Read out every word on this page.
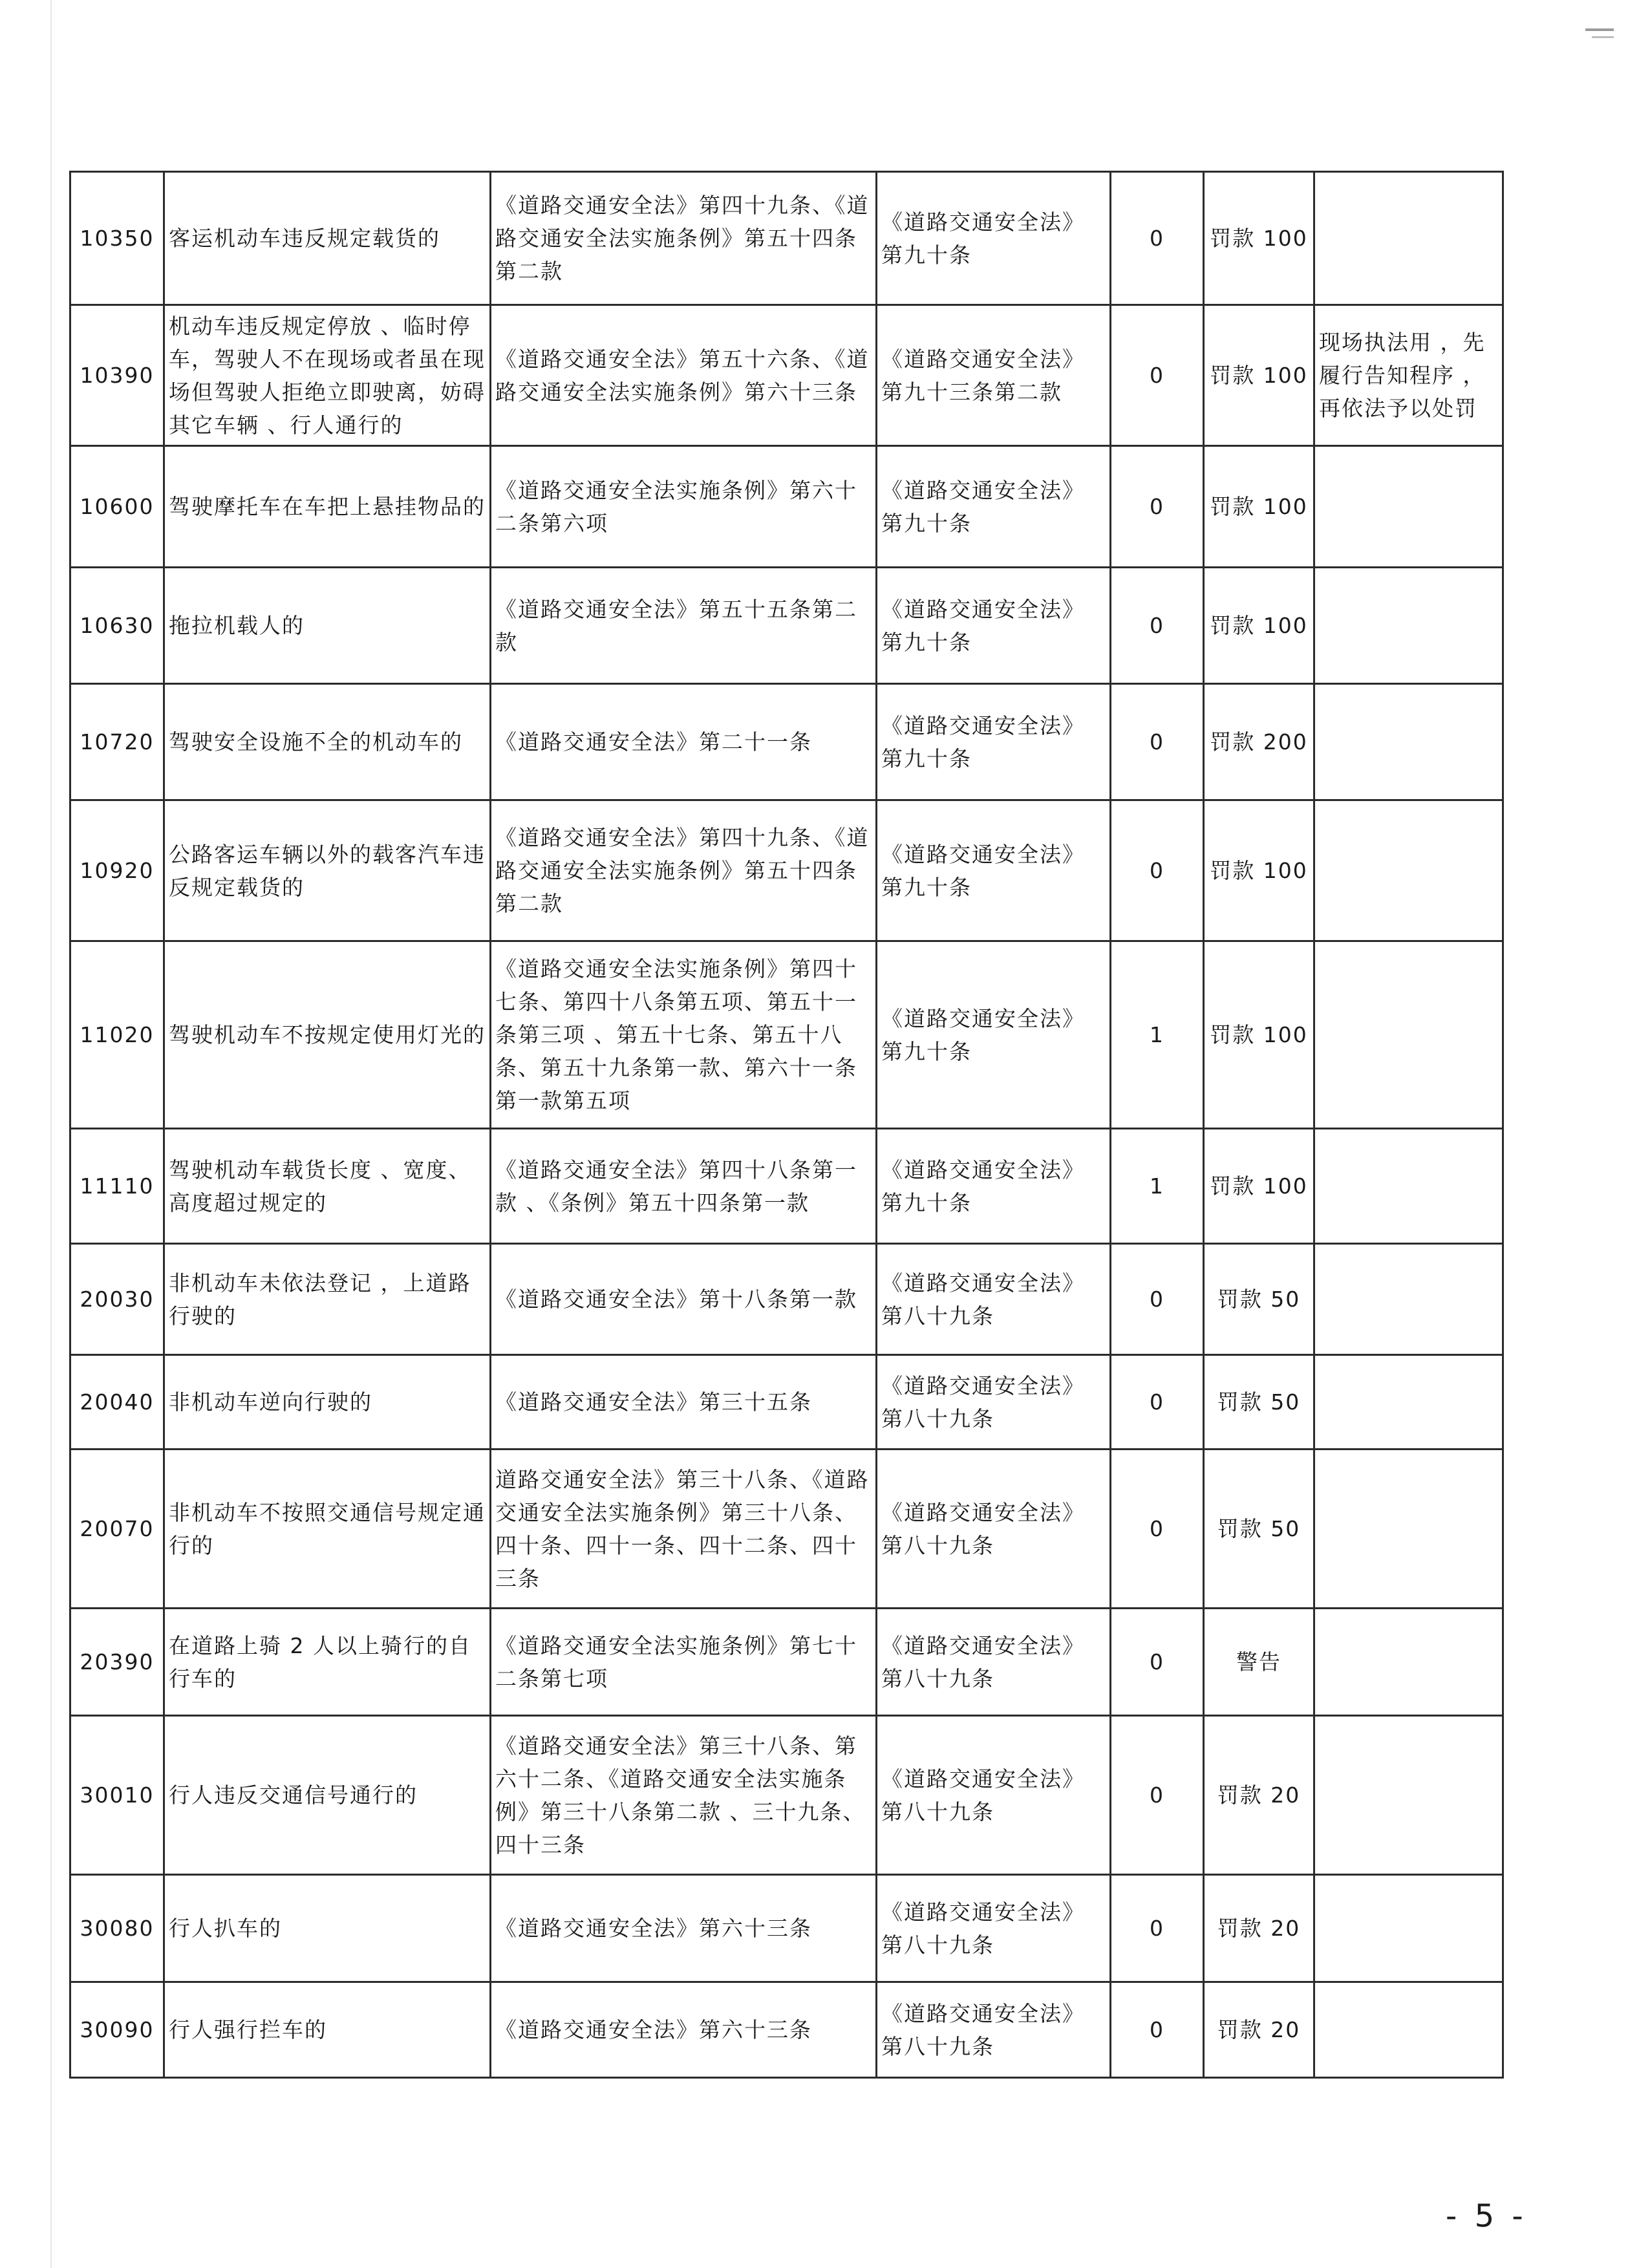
10350	客运机动车违反规定载货的	《道路交通安全法》第四十九条、《道路交通安全法实施条例》第五十四条第二款	《道路交通安全法》第九十条	0	罚款 100	
10390	机动车违反规定停放 、临时停车，驾驶人不在现场或者虽在现场但驾驶人拒绝立即驶离，妨碍其它车辆 、行人通行的	《道路交通安全法》第五十六条、《道路交通安全法实施条例》第六十三条	《道路交通安全法》第九十三条第二款	0	罚款 100	现场执法用 ，先履行告知程序 ，再依法予以处罚
10600	驾驶摩托车在车把上悬挂物品的	《道路交通安全法实施条例》第六十二条第六项	《道路交通安全法》第九十条	0	罚款 100	
10630	拖拉机载人的	《道路交通安全法》第五十五条第二款	《道路交通安全法》第九十条	0	罚款 100	
10720	驾驶安全设施不全的机动车的	《道路交通安全法》第二十一条	《道路交通安全法》第九十条	0	罚款 200	
10920	公路客运车辆以外的载客汽车违反规定载货的	《道路交通安全法》第四十九条、《道路交通安全法实施条例》第五十四条第二款	《道路交通安全法》第九十条	0	罚款 100	
11020	驾驶机动车不按规定使用灯光的	《道路交通安全法实施条例》第四十七条、第四十八条第五项、第五十一条第三项 、第五十七条、第五十八条、第五十九条第一款、第六十一条第一款第五项	《道路交通安全法》第九十条	1	罚款 100	
11110	驾驶机动车载货长度 、宽度、高度超过规定的	《道路交通安全法》第四十八条第一款 、《条例》第五十四条第一款	《道路交通安全法》第九十条	1	罚款 100	
20030	非机动车未依法登记 ，上道路行驶的	《道路交通安全法》第十八条第一款	《道路交通安全法》第八十九条	0	罚款 50	
20040	非机动车逆向行驶的	《道路交通安全法》第三十五条	《道路交通安全法》第八十九条	0	罚款 50	
20070	非机动车不按照交通信号规定通行的	道路交通安全法》第三十八条、《道路交通安全法实施条例》第三十八条、四十条、四十一条、四十二条、四十三条	《道路交通安全法》第八十九条	0	罚款 50	
20390	在道路上骑 2 人以上骑行的自行车的	《道路交通安全法实施条例》第七十二条第七项	《道路交通安全法》第八十九条	0	警告	
30010	行人违反交通信号通行的	《道路交通安全法》第三十八条、第六十二条、《道路交通安全法实施条例》第三十八条第二款 、三十九条、四十三条	《道路交通安全法》第八十九条	0	罚款 20	
30080	行人扒车的	《道路交通安全法》第六十三条	《道路交通安全法》第八十九条	0	罚款 20	
30090	行人强行拦车的	《道路交通安全法》第六十三条	《道路交通安全法》第八十九条	0	罚款 20	
- 5 -
